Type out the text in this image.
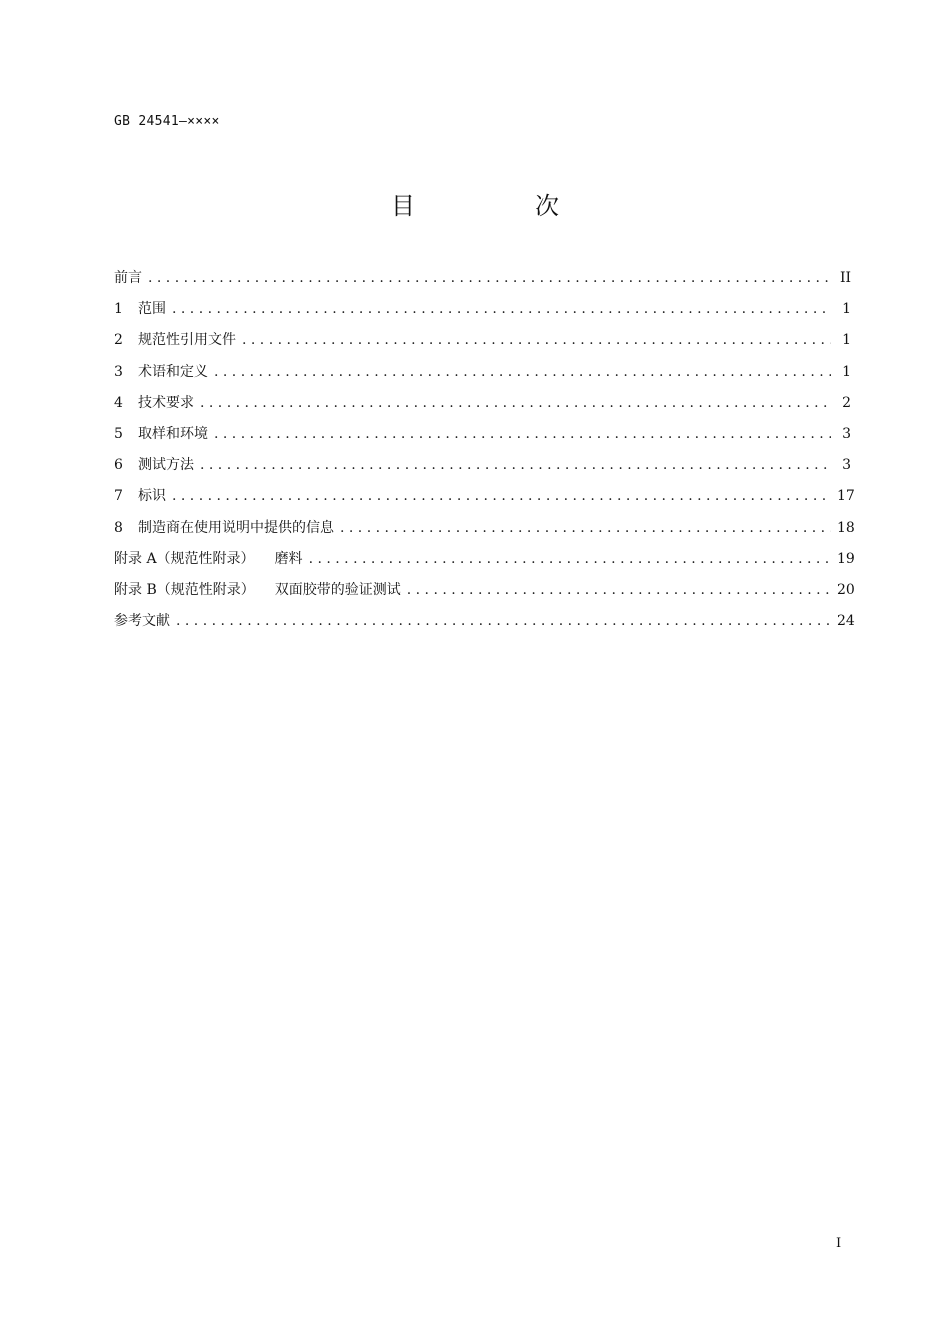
GB 24541—××××
目　次
前言 . . .	II
1 范围 . . .	1
2 规范性引用文件 . . .	1
3 术语和定义 . . .	1
4 技术要求 . . .	2
5 取样和环境 . . .	3
6 测试方法 . . .	3
7 标识 . . .	17
8 制造商在使用说明中提供的信息 . . .	18
附录 A（规范性附录） 磨料 . . .	19
附录 B（规范性附录） 双面胶带的验证测试 . . .	20
参考文献 . . .	24
I
